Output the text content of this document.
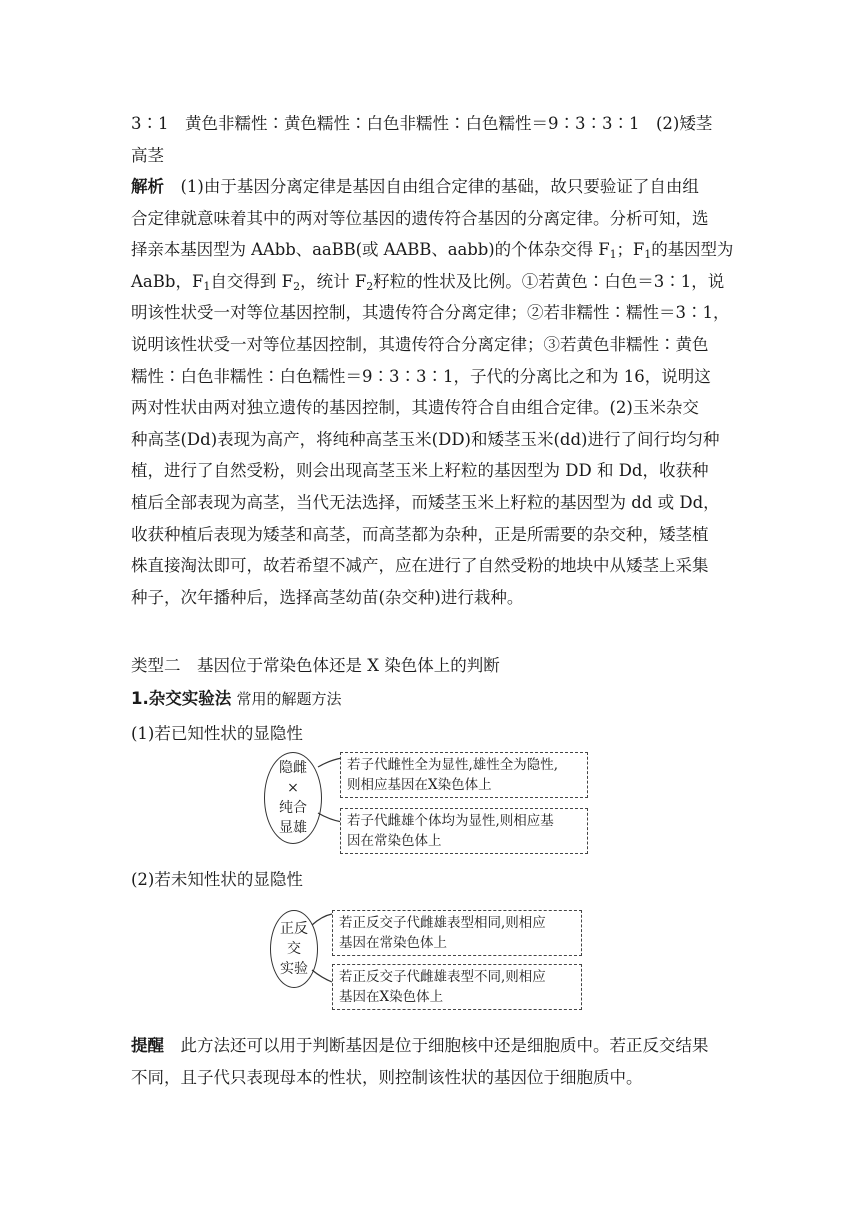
3∶1　黄色非糯性∶黄色糯性∶白色非糯性∶白色糯性＝9∶3∶3∶1　(2)矮茎
高茎
解析　 (1)由于基因分离定律是基因自由组合定律的基础，故只要验证了自由组
合定律就意味着其中的两对等位基因的遗传符合基因的分离定律。分析可知，选
择亲本基因型为 AAbb、aaBB(或 AABB、aabb)的个体杂交得 $F_1$；$F_1$的基因型为
AaBb，$F_1$自交得到 $F_2$，统计 $F_2$籽粒的性状及比例。①若黄色∶白色＝3∶1，说
明该性状受一对等位基因控制，其遗传符合分离定律；②若非糯性∶糯性＝3∶1，
说明该性状受一对等位基因控制，其遗传符合分离定律；③若黄色非糯性∶黄色
糯性∶白色非糯性∶白色糯性＝9∶3∶3∶1，子代的分离比之和为 16，说明这
两对性状由两对独立遗传的基因控制，其遗传符合自由组合定律。(2)玉米杂交
种高茎(Dd)表现为高产，将纯种高茎玉米(DD)和矮茎玉米(dd)进行了间行均匀种
植，进行了自然受粉，则会出现高茎玉米上籽粒的基因型为 DD 和 Dd，收获种
植后全部表现为高茎，当代无法选择，而矮茎玉米上籽粒的基因型为 dd 或 Dd，
收获种植后表现为矮茎和高茎，而高茎都为杂种，正是所需要的杂交种，矮茎植
株直接淘汰即可，故若希望不减产，应在进行了自然受粉的地块中从矮茎上采集
种子，次年播种后，选择高茎幼苗(杂交种)进行栽种。
类型二　基因位于常染色体还是 X 染色体上的判断
1.杂交实验法 常用的解题方法
(1)若已知性状的显隐性
隐雌
×
纯合
显雄
若子代雌性全为显性,雄性全为隐性,
则相应基因在X染色体上
若子代雌雄个体均为显性,则相应基
因在常染色体上
(2)若未知性状的显隐性
正反
交
实验
若正反交子代雌雄表型相同,则相应
基因在常染色体上
若正反交子代雌雄表型不同,则相应
基因在X染色体上
提醒　 此方法还可以用于判断基因是位于细胞核中还是细胞质中。若正反交结果
不同，且子代只表现母本的性状，则控制该性状的基因位于细胞质中。
